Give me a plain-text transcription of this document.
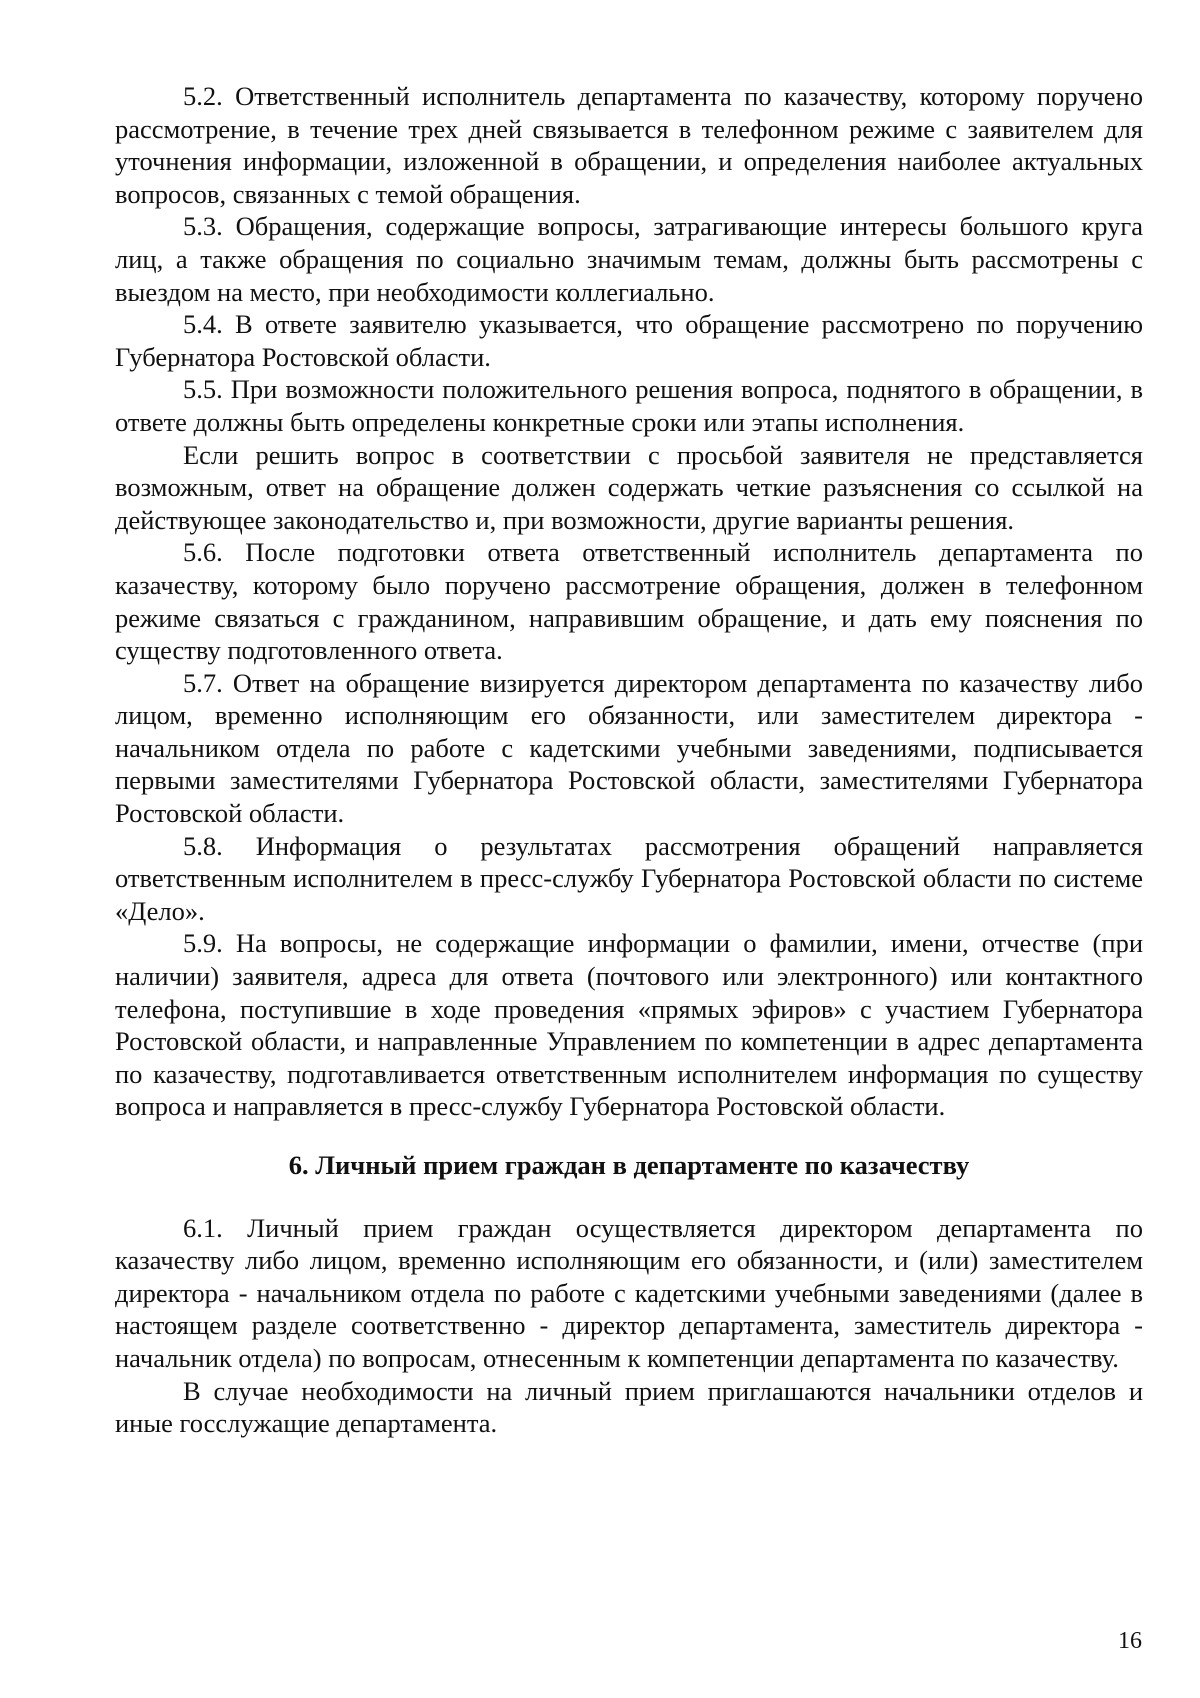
5.2. Ответственный исполнитель департамента по казачеству, которому поручено рассмотрение, в течение трех дней связывается в телефонном режиме с заявителем для уточнения информации, изложенной в обращении, и определения наиболее актуальных вопросов, связанных с темой обращения.

5.3. Обращения, содержащие вопросы, затрагивающие интересы большого круга лиц, а также обращения по социально значимым темам, должны быть рассмотрены с выездом на место, при необходимости коллегиально.

5.4. В ответе заявителю указывается, что обращение рассмотрено по поручению Губернатора Ростовской области.

5.5. При возможности положительного решения вопроса, поднятого в обращении, в ответе должны быть определены конкретные сроки или этапы исполнения.

Если решить вопрос в соответствии с просьбой заявителя не представляется возможным, ответ на обращение должен содержать четкие разъяснения со ссылкой на действующее законодательство и, при возможности, другие варианты решения.

5.6. После подготовки ответа ответственный исполнитель департамента по казачеству, которому было поручено рассмотрение обращения, должен в телефонном режиме связаться с гражданином, направившим обращение, и дать ему пояснения по существу подготовленного ответа.

5.7. Ответ на обращение визируется директором департамента по казачеству либо лицом, временно исполняющим его обязанности, или заместителем директора - начальником отдела по работе с кадетскими учебными заведениями, подписывается первыми заместителями Губернатора Ростовской области, заместителями Губернатора Ростовской области.

5.8. Информация о результатах рассмотрения обращений направляется ответственным исполнителем в пресс-службу Губернатора Ростовской области по системе «Дело».

5.9. На вопросы, не содержащие информации о фамилии, имени, отчестве (при наличии) заявителя, адреса для ответа (почтового или электронного) или контактного телефона, поступившие в ходе проведения «прямых эфиров» с участием Губернатора Ростовской области, и направленные Управлением по компетенции в адрес департамента по казачеству, подготавливается ответственным исполнителем информация по существу вопроса и направляется в пресс-службу Губернатора Ростовской области.

6. Личный прием граждан в департаменте по казачеству

6.1. Личный прием граждан осуществляется директором департамента по казачеству либо лицом, временно исполняющим его обязанности, и (или) заместителем директора - начальником отдела по работе с кадетскими учебными заведениями (далее в настоящем разделе соответственно - директор департамента, заместитель директора - начальник отдела) по вопросам, отнесенным к компетенции департамента по казачеству.

В случае необходимости на личный прием приглашаются начальники отделов и иные госслужащие департамента.

16
